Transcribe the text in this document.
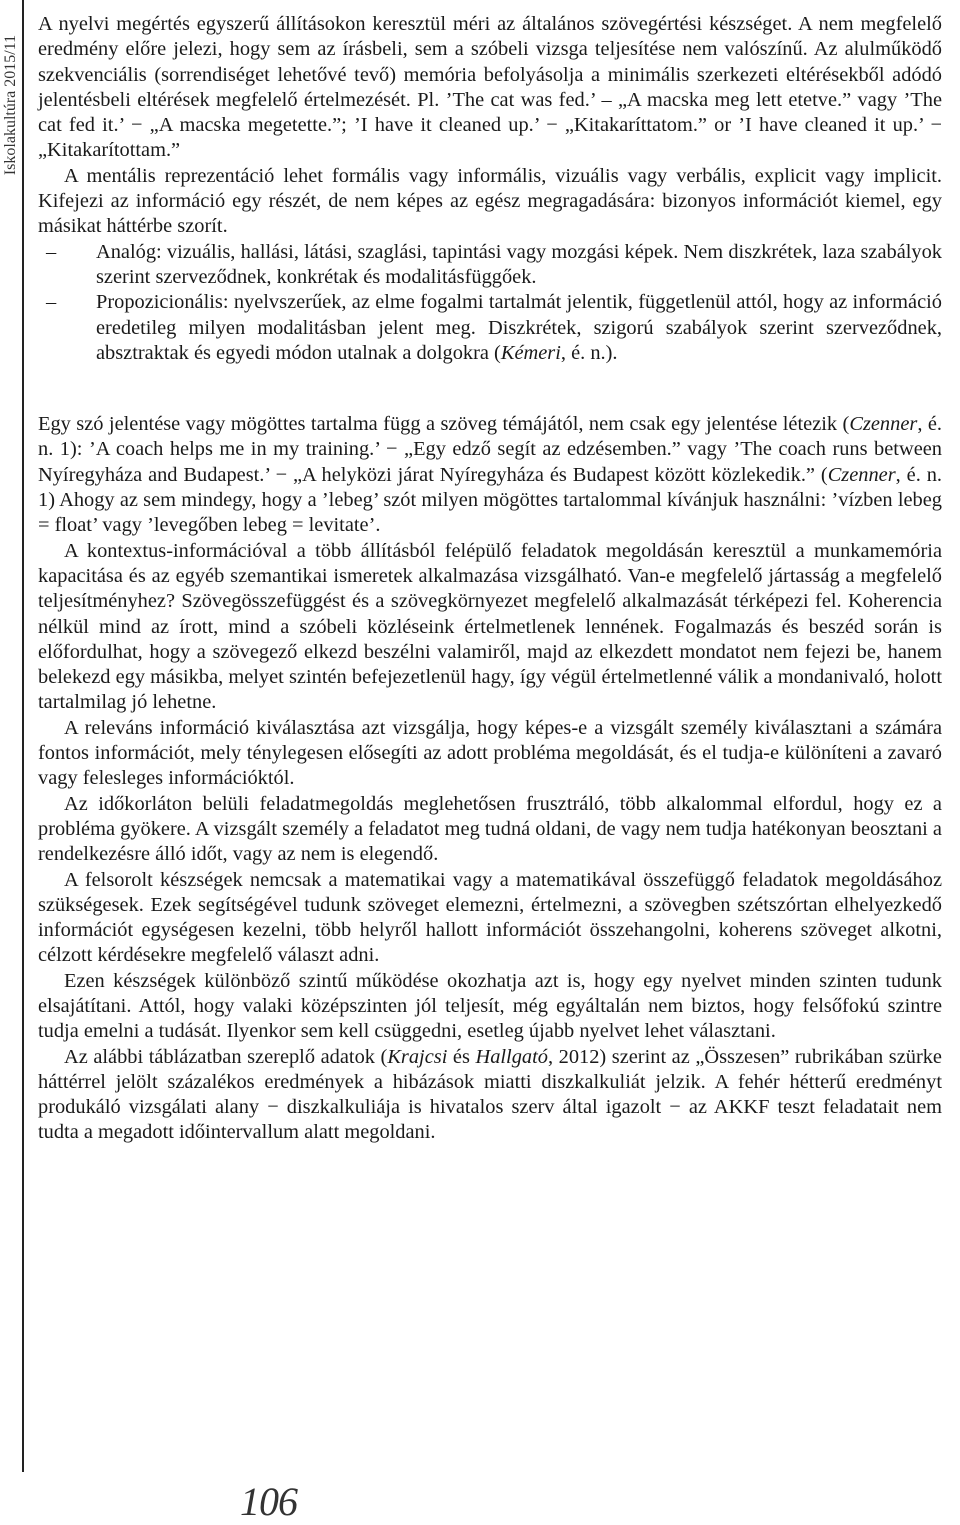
Iskolakultúra 2015/11

A nyelvi megértés egyszerű állításokon keresztül méri az általános szövegértési készséget. A nem megfelelő eredmény előre jelezi, hogy sem az írásbeli, sem a szóbeli vizsga teljesítése nem valószínű. Az alulműködő szekvenciális (sorrendiséget lehetővé tevő) memória befolyásolja a minimális szerkezeti eltérésekből adódó jelentésbeli eltérések megfelelő értelmezését. Pl. ’The cat was fed.’ – „A macska meg lett etetve.” vagy ’The cat fed it.’ − „A macska megetette.”; ’I have it cleaned up.’ − „Kitakaríttatom.” or ’I have cleaned it up.’ − „Kitakarítottam.”

A mentális reprezentáció lehet formális vagy informális, vizuális vagy verbális, explicit vagy implicit. Kifejezi az információ egy részét, de nem képes az egész megragadására: bizonyos információt kiemel, egy másikat háttérbe szorít.

– Analóg: vizuális, hallási, látási, szaglási, tapintási vagy mozgási képek. Nem diszkrétek, laza szabályok szerint szerveződnek, konkrétak és modalitásfüggőek.
– Propozicionális: nyelvszerűek, az elme fogalmi tartalmát jelentik, függetlenül attól, hogy az információ eredetileg milyen modalitásban jelent meg. Diszkrétek, szigorú szabályok szerint szerveződnek, absztraktak és egyedi módon utalnak a dolgokra (Kémeri, é. n.).

Egy szó jelentése vagy mögöttes tartalma függ a szöveg témájától, nem csak egy jelentése létezik (Czenner, é. n. 1): ’A coach helps me in my training.’ − „Egy edző segít az edzésemben.” vagy ’The coach runs between Nyíregyháza and Budapest.’ − „A helyközi járat Nyíregyháza és Budapest között közlekedik.” (Czenner, é. n. 1) Ahogy az sem mindegy, hogy a ’lebeg’ szót milyen mögöttes tartalommal kívánjuk használni: ’vízben lebeg = float’ vagy ’levegőben lebeg = levitate’.

A kontextus-információval a több állításból felépülő feladatok megoldásán keresztül a munkamemória kapacitása és az egyéb szemantikai ismeretek alkalmazása vizsgálható. Van-e megfelelő jártasság a megfelelő teljesítményhez? Szövegösszefüggést és a szövegkörnyezet megfelelő alkalmazását térképezi fel. Koherencia nélkül mind az írott, mind a szóbeli közléseink értelmetlenek lennének. Fogalmazás és beszéd során is előfordulhat, hogy a szövegező elkezd beszélni valamiről, majd az elkezdett mondatot nem fejezi be, hanem belekezd egy másikba, melyet szintén befejezetlenül hagy, így végül értelmetlenné válik a mondanivaló, holott tartalmilag jó lehetne.

A releváns információ kiválasztása azt vizsgálja, hogy képes-e a vizsgált személy kiválasztani a számára fontos információt, mely ténylegesen elősegíti az adott probléma megoldását, és el tudja-e különíteni a zavaró vagy felesleges információktól.

Az időkorláton belüli feladatmegoldás meglehetősen frusztráló, több alkalommal elfordul, hogy ez a probléma gyökere. A vizsgált személy a feladatot meg tudná oldani, de vagy nem tudja hatékonyan beosztani a rendelkezésre álló időt, vagy az nem is elegendő.

A felsorolt készségek nemcsak a matematikai vagy a matematikával összefüggő feladatok megoldásához szükségesek. Ezek segítségével tudunk szöveget elemezni, értelmezni, a szövegben szétszórtan elhelyezkedő információt egységesen kezelni, több helyről hallott információt összehangolni, koherens szöveget alkotni, célzott kérdésekre megfelelő választ adni.

Ezen készségek különböző szintű működése okozhatja azt is, hogy egy nyelvet minden szinten tudunk elsajátítani. Attól, hogy valaki középszinten jól teljesít, még egyáltalán nem biztos, hogy felsőfokú szintre tudja emelni a tudását. Ilyenkor sem kell csüggedni, esetleg újabb nyelvet lehet választani.

Az alábbi táblázatban szereplő adatok (Krajcsi és Hallgató, 2012) szerint az „Összesen” rubrikában szürke háttérrel jelölt százalékos eredmények a hibázások miatti diszkalkuliát jelzik. A fehér hétterű eredményt produkáló vizsgálati alany − diszkalkuliája is hivatalos szerv által igazolt − az AKKF teszt feladatait nem tudta a megadott időintervallum alatt megoldani.

106
